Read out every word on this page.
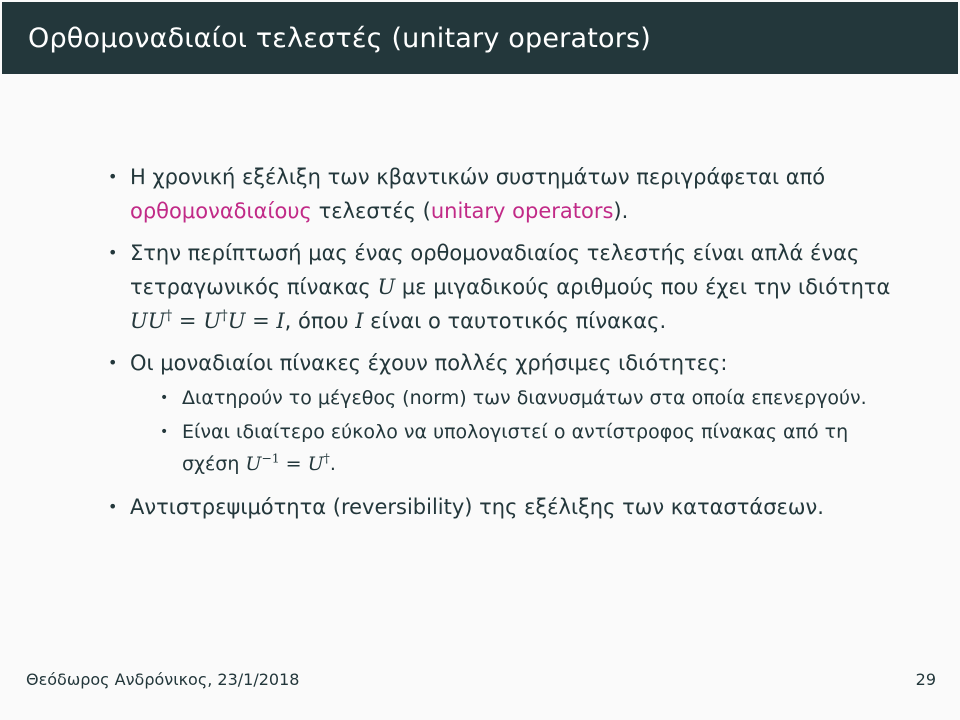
Ορθομοναδιαίοι τελεστές (unitary operators)
• Η χρονική εξέλιξη των κβαντικών συστημάτων περιγράφεται από ορθομοναδιαίους τελεστές (unitary operators).
• Στην περίπτωσή μας ένας ορθομοναδιαίος τελεστής είναι απλά ένας τετραγωνικός πίνακας U με μιγαδικούς αριθμούς που έχει την ιδιότητα UU† = U†U = I, όπου I είναι ο ταυτοτικός πίνακας.
• Οι μοναδιαίοι πίνακες έχουν πολλές χρήσιμες ιδιότητες:
• Διατηρούν το μέγεθος (norm) των διανυσμάτων στα οποία επενεργούν.
• Είναι ιδιαίτερο εύκολο να υπολογιστεί ο αντίστροφος πίνακας από τη σχέση $U^{-1} = U^\dagger$.
• Αντιστρεψιμότητα (reversibility) της εξέλιξης των καταστάσεων.
Θεόδωρος Ανδρόνικος, 23/1/2018	29
